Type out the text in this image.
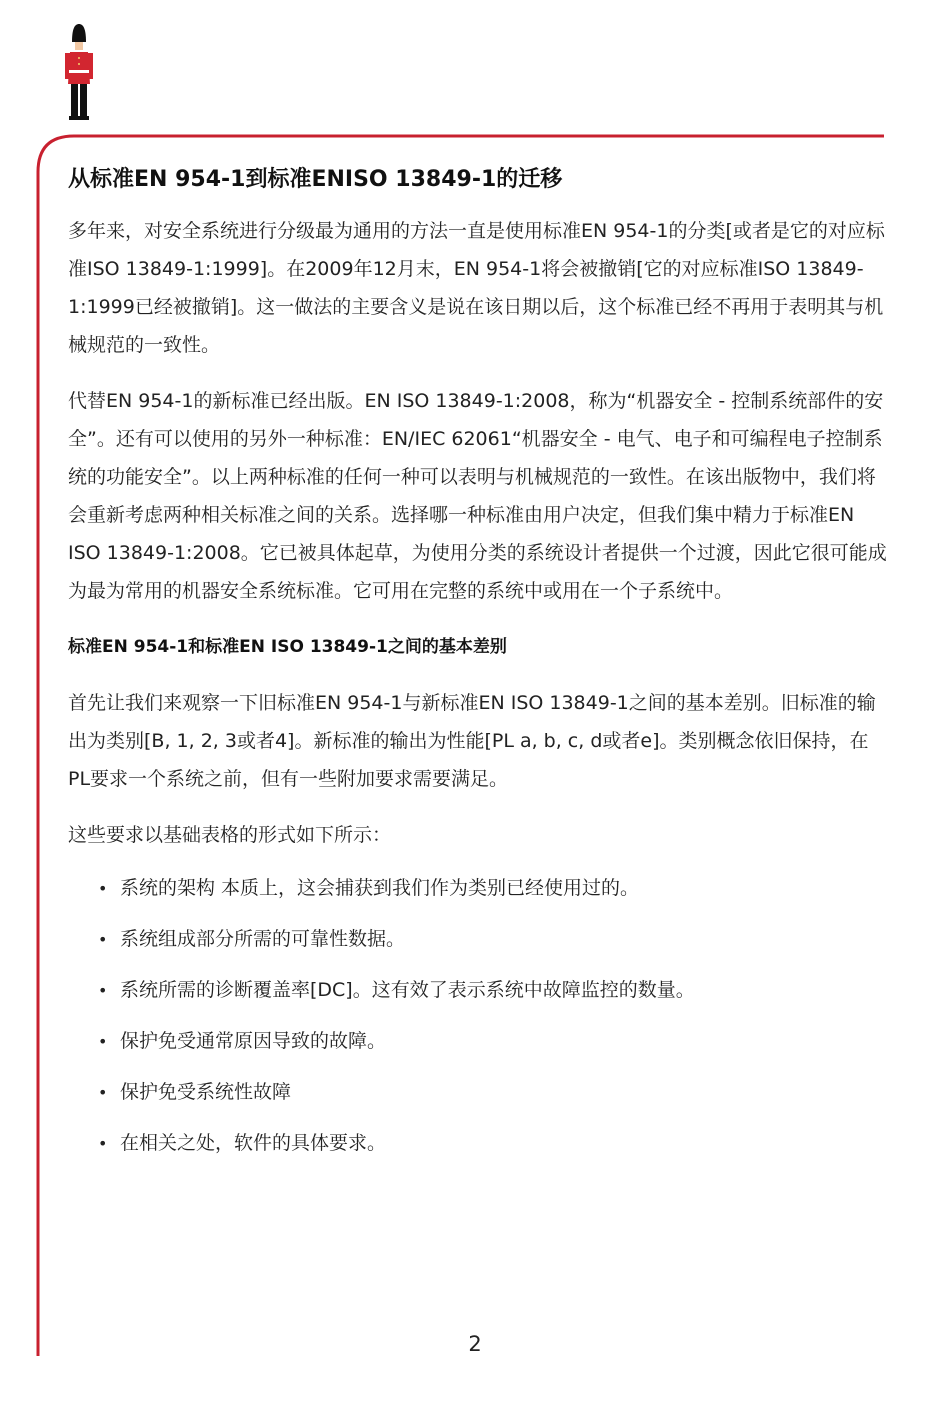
从标准EN 954-1到标准ENISO 13849-1的迁移

多年来，对安全系统进行分级最为通用的方法一直是使用标准EN 954-1的分类[或者是它的对应标准ISO 13849-1:1999]。在2009年12月末，EN 954-1将会被撤销[它的对应标准ISO 13849-1:1999已经被撤销]。这一做法的主要含义是说在该日期以后，这个标准已经不再用于表明其与机械规范的一致性。

代替EN 954-1的新标准已经出版。EN ISO 13849-1:2008，称为“机器安全 - 控制系统部件的安全”。还有可以使用的另外一种标准：EN/IEC 62061“机器安全 - 电气、电子和可编程电子控制系统的功能安全”。以上两种标准的任何一种可以表明与机械规范的一致性。在该出版物中，我们将会重新考虑两种相关标准之间的关系。选择哪一种标准由用户决定，但我们集中精力于标准EN ISO 13849-1:2008。它已被具体起草，为使用分类的系统设计者提供一个过渡，因此它很可能成为最为常用的机器安全系统标准。它可用在完整的系统中或用在一个子系统中。

标准EN 954-1和标准EN ISO 13849-1之间的基本差别

首先让我们来观察一下旧标准EN 954-1与新标准EN ISO 13849-1之间的基本差别。旧标准的输出为类别[B, 1, 2, 3或者4]。新标准的输出为性能[PL a, b, c, d或者e]。类别概念依旧保持，在PL要求一个系统之前，但有一些附加要求需要满足。

这些要求以基础表格的形式如下所示：

• 系统的架构 本质上，这会捕获到我们作为类别已经使用过的。
• 系统组成部分所需的可靠性数据。
• 系统所需的诊断覆盖率[DC]。这有效了表示系统中故障监控的数量。
• 保护免受通常原因导致的故障。
• 保护免受系统性故障
• 在相关之处，软件的具体要求。
2
